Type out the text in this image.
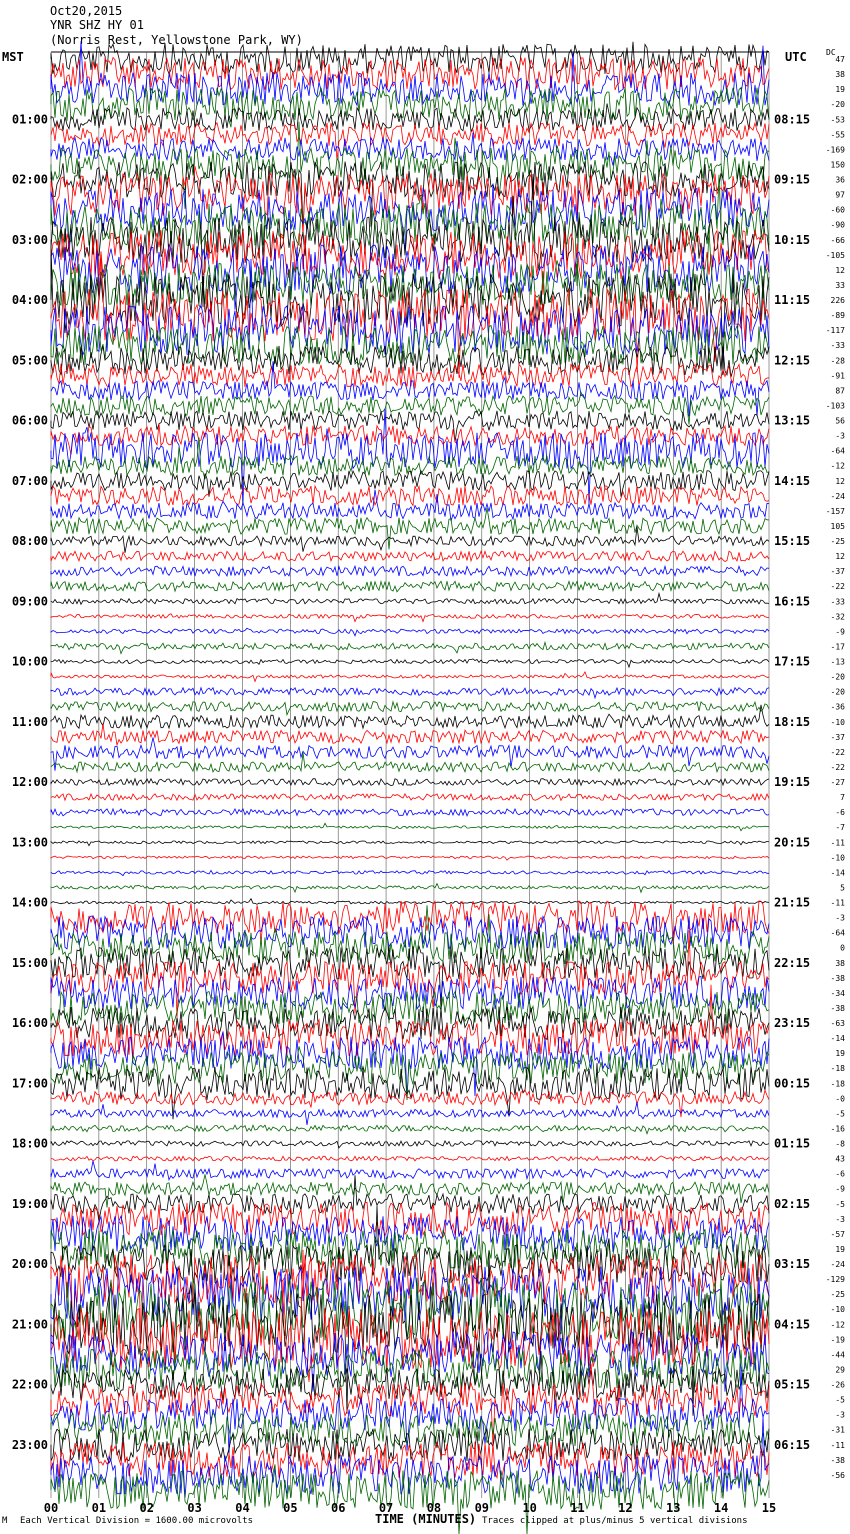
Oct20,2015
YNR SHZ HY 01
(Norris Rest, Yellowstone Park, WY)
MST	UTC DC
00	01	02	03	04	05	06	07	08	09	10	11	12	13	14	15
47
38
19
-20
-53
-55
-169
150
36
97
-60
-90
-66
-105
12
33
226
-89
-117
-33
-28
-91
87
-103
56
-3
-64
-12
12
-24
-157
105
-25
12
-37
-22
-33
-32
-9
-17
-13
-20
-20
-36
-10
-37
-22
-22
-27
7
-6
-7
-11
-10
-14
5
-11
-3
-64
0
38
-38
-34
-38
-63
-14
19
-18
-18
-0
-5
-16
-8
43
-6
-9
-5
-3
-57
19
-24
-129
-25
-10
-12
-19
-44
29
-26
-5
-3
-31
-11
-38
-56
01:00	08:15
02:00	09:15
03:00	10:15
04:00	11:15
05:00	12:15
06:00	13:15
07:00	14:15
08:00	15:15
09:00	16:15
10:00	17:15
11:00	18:15
12:00	19:15
13:00	20:15
14:00	21:15
15:00	22:15
16:00	23:15
17:00	00:15
18:00	01:15
19:00	02:15
20:00	03:15
21:00	04:15
22:00	05:15
23:00	06:15
M Each Vertical Division = 1600.00 microvolts	TIME (MINUTES) Traces clipped at plus/minus 5 vertical divisions
